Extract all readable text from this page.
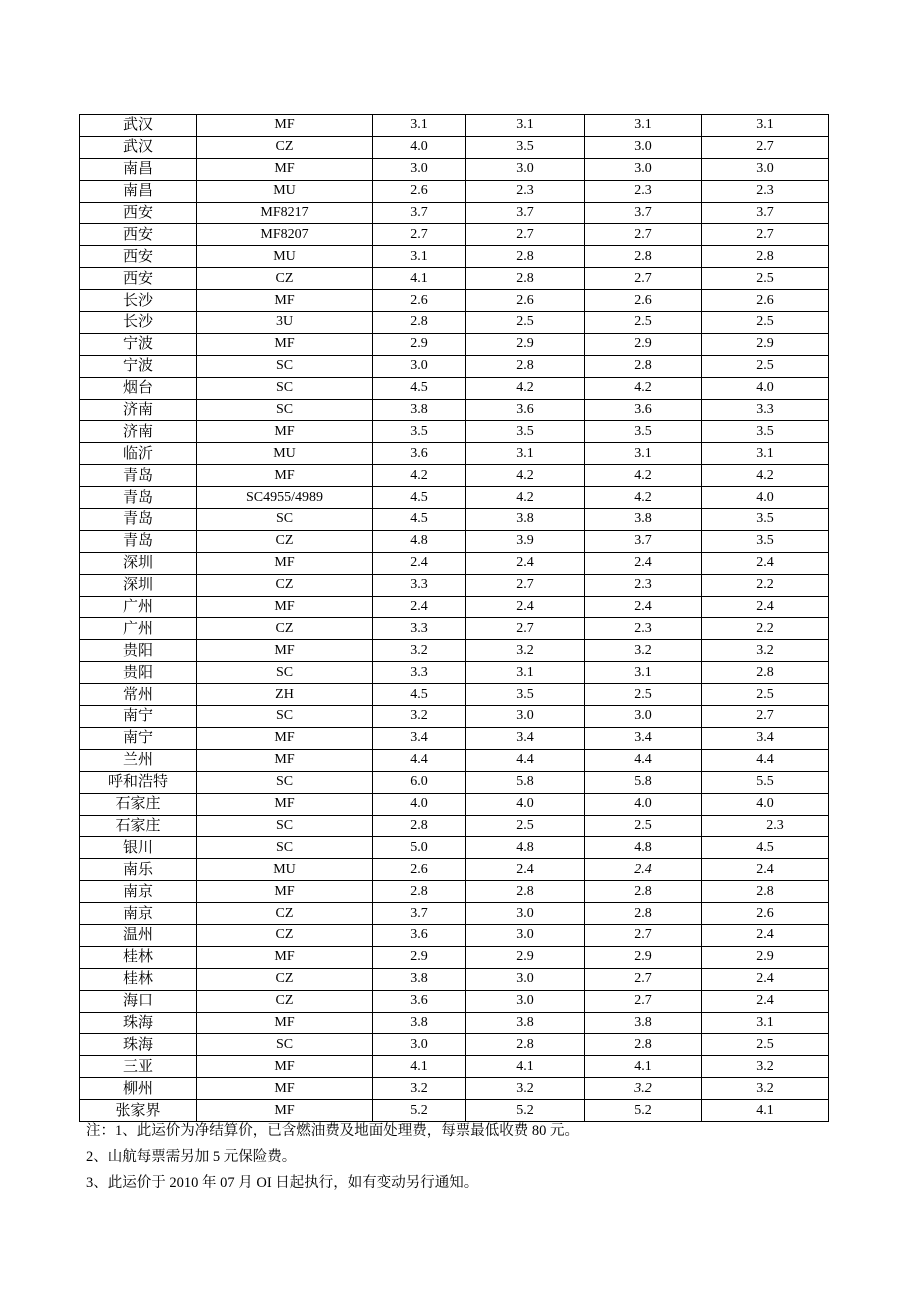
武汉	MF	3.1	3.1	3.1	3.1
武汉	CZ	4.0	3.5	3.0	2.7
南昌	MF	3.0	3.0	3.0	3.0
南昌	MU	2.6	2.3	2.3	2.3
西安	MF8217	3.7	3.7	3.7	3.7
西安	MF8207	2.7	2.7	2.7	2.7
西安	MU	3.1	2.8	2.8	2.8
西安	CZ	4.1	2.8	2.7	2.5
长沙	MF	2.6	2.6	2.6	2.6
长沙	3U	2.8	2.5	2.5	2.5
宁波	MF	2.9	2.9	2.9	2.9
宁波	SC	3.0	2.8	2.8	2.5
烟台	SC	4.5	4.2	4.2	4.0
济南	SC	3.8	3.6	3.6	3.3
济南	MF	3.5	3.5	3.5	3.5
临沂	MU	3.6	3.1	3.1	3.1
青岛	MF	4.2	4.2	4.2	4.2
青岛	SC4955/4989	4.5	4.2	4.2	4.0
青岛	SC	4.5	3.8	3.8	3.5
青岛	CZ	4.8	3.9	3.7	3.5
深圳	MF	2.4	2.4	2.4	2.4
深圳	CZ	3.3	2.7	2.3	2.2
广州	MF	2.4	2.4	2.4	2.4
广州	CZ	3.3	2.7	2.3	2.2
贵阳	MF	3.2	3.2	3.2	3.2
贵阳	SC	3.3	3.1	3.1	2.8
常州	ZH	4.5	3.5	2.5	2.5
南宁	SC	3.2	3.0	3.0	2.7
南宁	MF	3.4	3.4	3.4	3.4
兰州	MF	4.4	4.4	4.4	4.4
呼和浩特	SC	6.0	5.8	5.8	5.5
石家庄	MF	4.0	4.0	4.0	4.0
石家庄	SC	2.8	2.5	2.5	2.3
银川	SC	5.0	4.8	4.8	4.5
南乐	MU	2.6	2.4	2.4	2.4
南京	MF	2.8	2.8	2.8	2.8
南京	CZ	3.7	3.0	2.8	2.6
温州	CZ	3.6	3.0	2.7	2.4
桂林	MF	2.9	2.9	2.9	2.9
桂林	CZ	3.8	3.0	2.7	2.4
海口	CZ	3.6	3.0	2.7	2.4
珠海	MF	3.8	3.8	3.8	3.1
珠海	SC	3.0	2.8	2.8	2.5
三亚	MF	4.1	4.1	4.1	3.2
柳州	MF	3.2	3.2	3.2	3.2
张家界	MF	5.2	5.2	5.2	4.1
注：1、此运价为净结算价，已含燃油费及地面处理费，每票最低收费 80 元。
2、山航每票需另加 5 元保险费。
3、此运价于 2010 年 07 月 OI 日起执行，如有变动另行通知。
